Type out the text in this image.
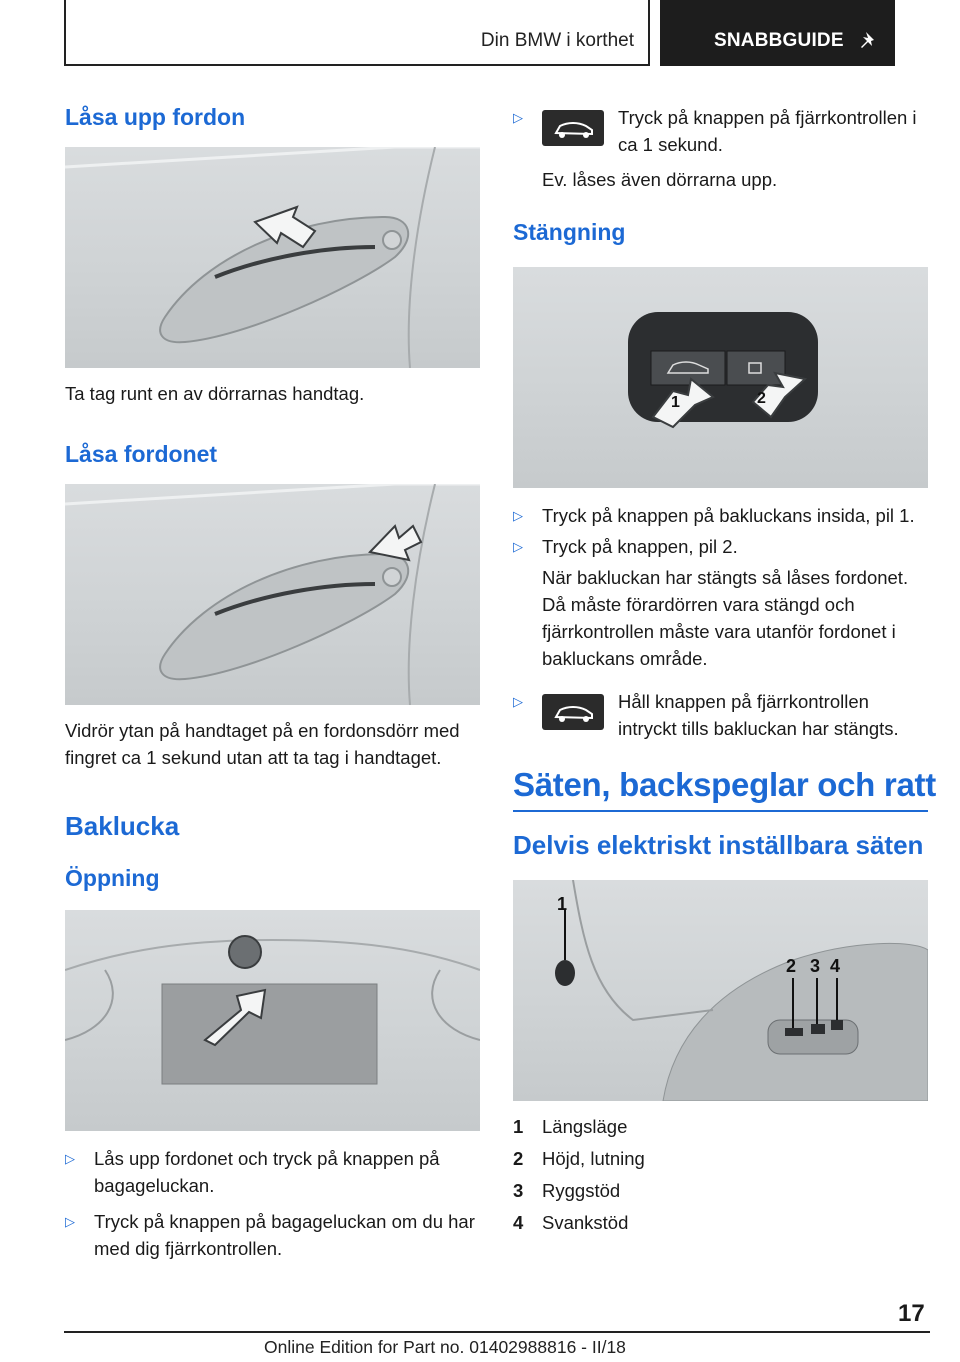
Din BMW i korthet	SNABBGUIDE
Låsa upp fordon
Ta tag runt en av dörrarnas handtag.
Låsa fordonet
Vidrör ytan på handtaget på en fordonsdörr med fingret ca 1 sekund utan att ta tag i handtaget.
Baklucka
Öppning
▷ Lås upp fordonet och tryck på knappen på bagageluckan.
▷ Tryck på knappen på bagageluckan om du har med dig fjärrkontrollen.
▷	Tryck på knappen på fjärrkontrollen i ca 1 sekund.
Ev. låses även dörrarna upp.
Stängning
1	2
▷ Tryck på knappen på bakluckans insida, pil 1.
▷ Tryck på knappen, pil 2.
När bakluckan har stängts så låses fordonet. Då måste förardörren vara stängd och fjärrkontrollen måste vara utanför fordonet i bakluckans område.
▷	Håll knappen på fjärrkontrollen intryckt tills bakluckan har stängts.
Säten, backspeglar och ratt
Delvis elektriskt inställbara säten
1
2 3 4
1 Längsläge
2 Höjd, lutning
3 Ryggstöd
4 Svankstöd
17
Online Edition for Part no. 01402988816 - II/18
